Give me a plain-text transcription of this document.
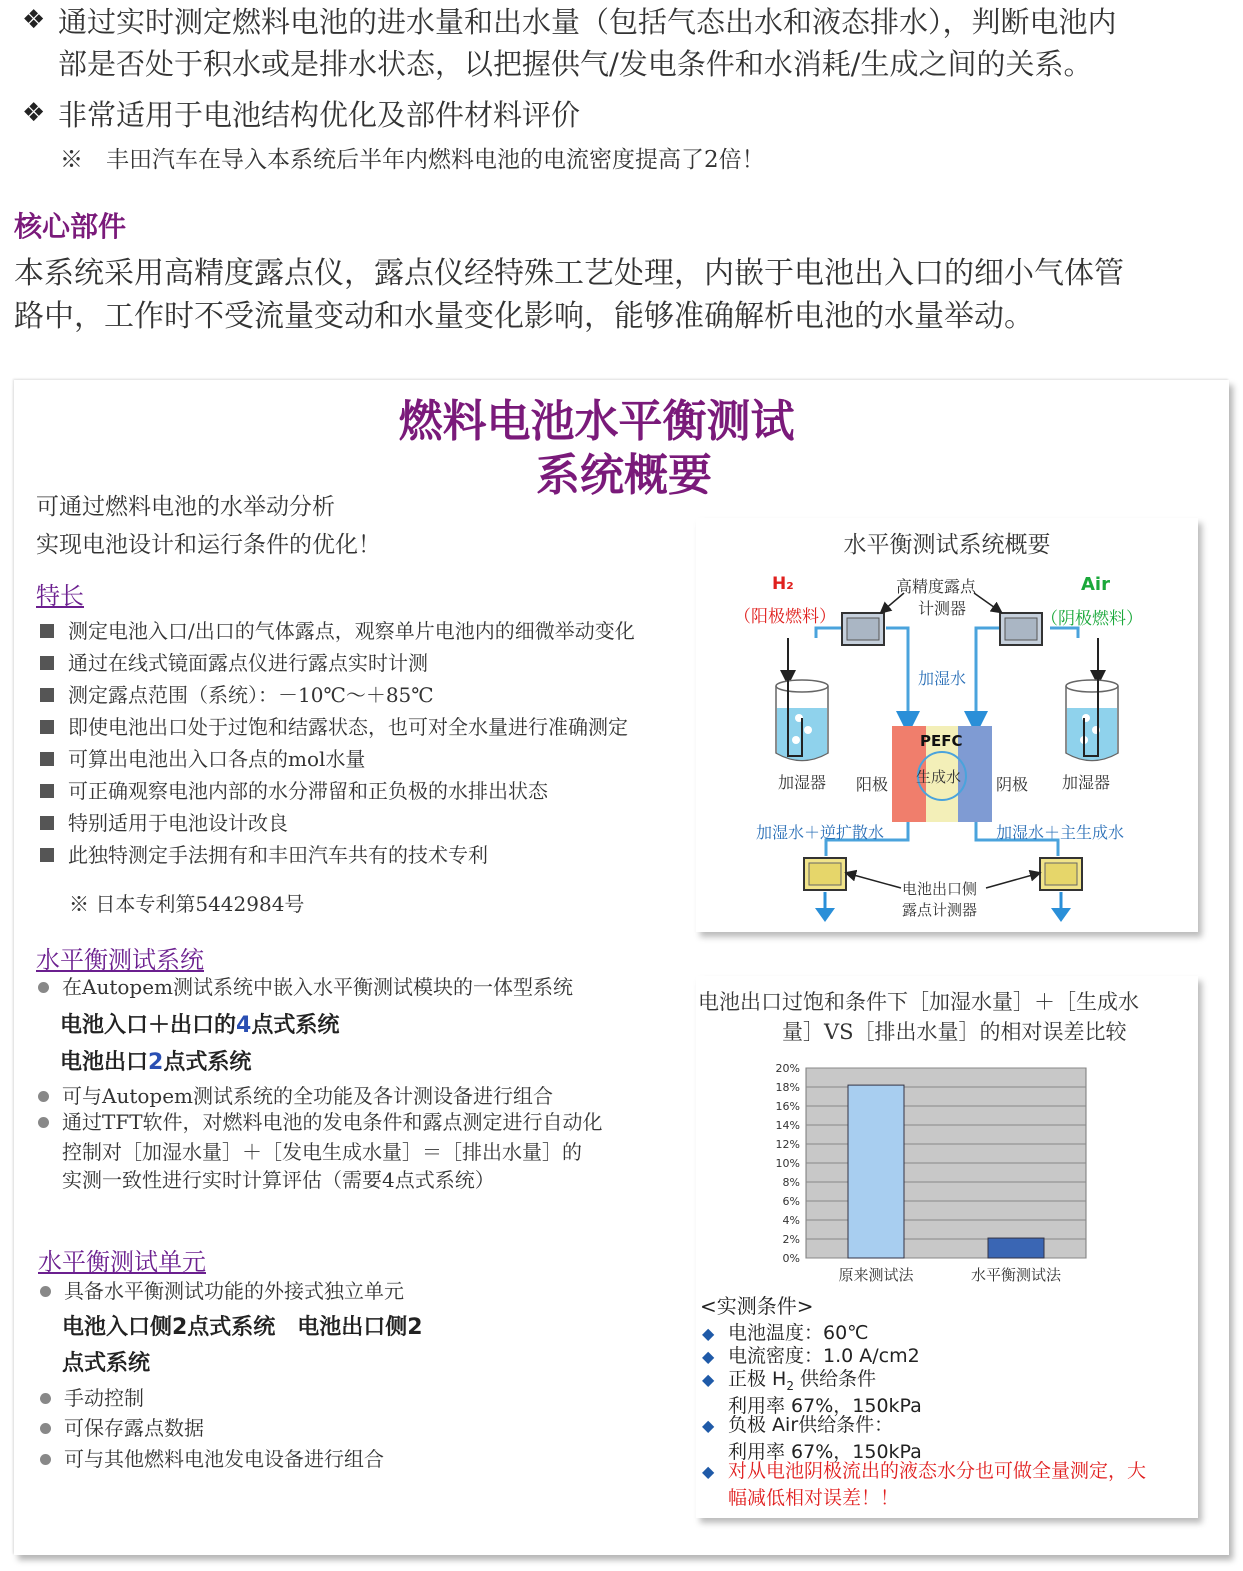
❖ 通过实时测定燃料电池的进水量和出水量（包括气态出水和液态排水），判断电池内
部是否处于积水或是排水状态，以把握供气/发电条件和水消耗/生成之间的关系。
❖ 非常适用于电池结构优化及部件材料评价
※　丰田汽车在导入本系统后半年内燃料电池的电流密度提高了2倍！
核心部件
本系统采用高精度露点仪，露点仪经特殊工艺处理，内嵌于电池出入口的细小气体管
路中，工作时不受流量变动和水量变化影响，能够准确解析电池的水量举动。
燃料电池水平衡测试
系统概要
可通过燃料电池的水举动分析
实现电池设计和运行条件的优化！
特长
测定电池入口/出口的气体露点，观察单片电池内的细微举动变化
通过在线式镜面露点仪进行露点实时计测
测定露点范围（系统）：－10℃～＋85℃
即使电池出口处于过饱和结露状态，也可对全水量进行准确测定
可算出电池出入口各点的mol水量
可正确观察电池内部的水分滞留和正负极的水排出状态
特别适用于电池设计改良
此独特测定手法拥有和丰田汽车共有的技术专利
※ 日本专利第5442984号
水平衡测试系统
在Autopem测试系统中嵌入水平衡测试模块的一体型系统
电池入口＋出口的4点式系统
电池出口2点式系统
可与Autopem测试系统的全功能及各计测设备进行组合
通过TFT软件，对燃料电池的发电条件和露点测定进行自动化
控制对［加湿水量］＋［发电生成水量］＝［排出水量］的
实测一致性进行实时计算评估（需要4点式系统）
水平衡测试单元
具备水平衡测试功能的外接式独立单元
电池入口侧2点式系统　电池出口侧2
点式系统
手动控制
可保存露点数据
可与其他燃料电池发电设备进行组合
水平衡测试系统概要
H₂
（阳极燃料）
Air
（阴极燃料）
高精度露点
计测器
加湿水
PEFC
生成水
加湿器 阳极	阴极 加湿器
加湿水＋逆扩散水	加湿水＋主生成水
电池出口侧
露点计测器
电池出口过饱和条件下［加湿水量］＋［生成水
量］VS［排出水量］的相对误差比较
0%
2%
4%
6%
8%
10%
12%
14%
16%
18%
20%
原来测试法	水平衡测试法
<实测条件>
◆ 电池温度：60℃
◆ 电流密度：1.0 A/cm2
◆ 正极 $H_2$ 供给条件
利用率 67%，150kPa
◆ 负极 Air供给条件：
利用率 67%，150kPa
◆ 对从电池阴极流出的液态水分也可做全量测定，大
幅减低相对误差！！
